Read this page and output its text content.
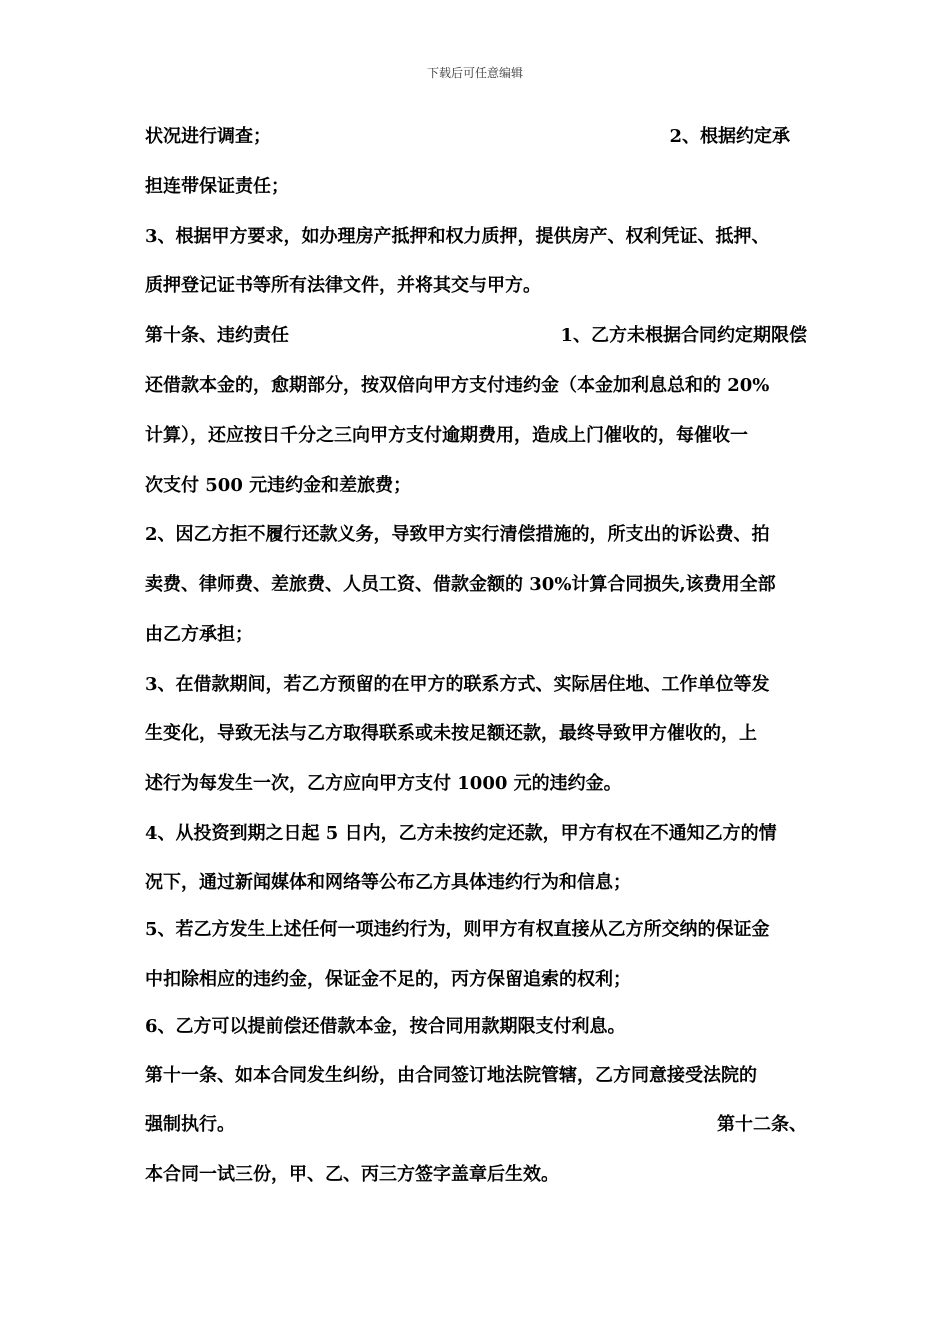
下载后可任意编辑
状况进行调查；	2、根据约定承
担连带保证责任；
3、根据甲方要求，如办理房产抵押和权力质押，提供房产、权利凭证、抵押、
质押登记证书等所有法律文件，并将其交与甲方。
第十条、违约责任	1、乙方未根据合同约定期限偿
还借款本金的，愈期部分，按双倍向甲方支付违约金（本金加利息总和的 20%
计算），还应按日千分之三向甲方支付逾期费用，造成上门催收的，每催收一
次支付 500 元违约金和差旅费；
2、因乙方拒不履行还款义务，导致甲方实行清偿措施的，所支出的诉讼费、拍
卖费、律师费、差旅费、人员工资、借款金额的 30%计算合同损失,该费用全部
由乙方承担；
3、在借款期间，若乙方预留的在甲方的联系方式、实际居住地、工作单位等发
生变化，导致无法与乙方取得联系或未按足额还款，最终导致甲方催收的，上
述行为每发生一次，乙方应向甲方支付 1000 元的违约金。
4、从投资到期之日起 5 日内，乙方未按约定还款，甲方有权在不通知乙方的情
况下，通过新闻媒体和网络等公布乙方具体违约行为和信息；
5、若乙方发生上述任何一项违约行为，则甲方有权直接从乙方所交纳的保证金
中扣除相应的违约金，保证金不足的，丙方保留追索的权利；
6、乙方可以提前偿还借款本金，按合同用款期限支付利息。
第十一条、如本合同发生纠纷，由合同签订地法院管辖，乙方同意接受法院的
强制执行。	第十二条、
本合同一试三份，甲、乙、丙三方签字盖章后生效。
